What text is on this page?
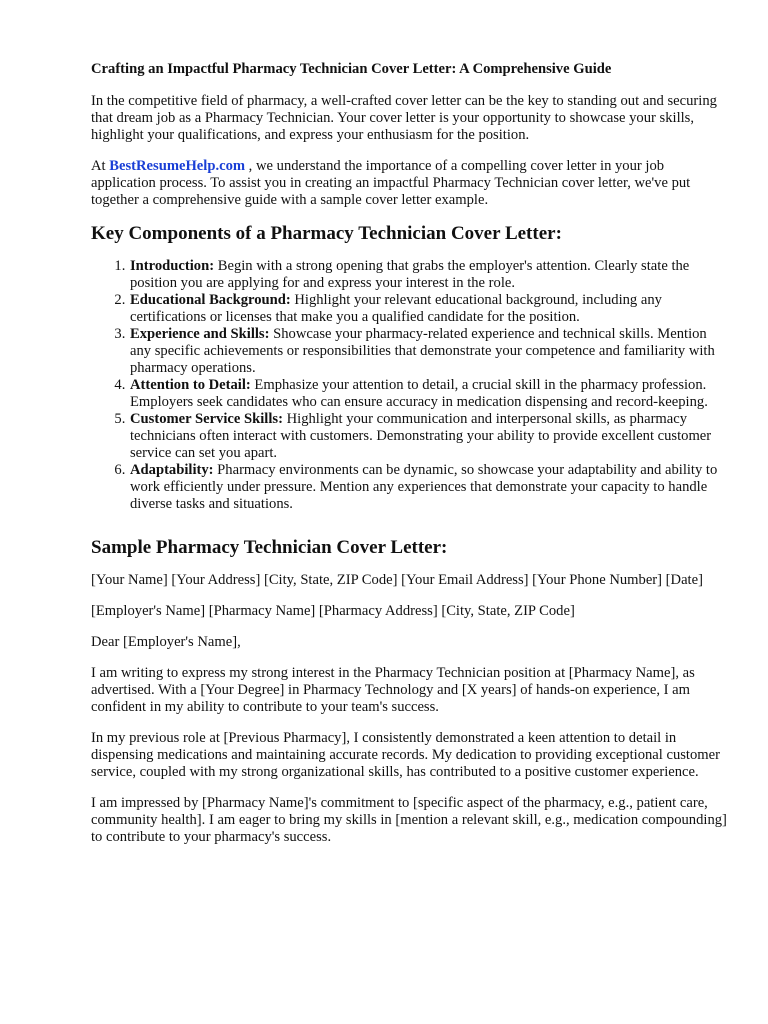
Crafting an Impactful Pharmacy Technician Cover Letter: A Comprehensive Guide

In the competitive field of pharmacy, a well-crafted cover letter can be the key to standing out and securing that dream job as a Pharmacy Technician. Your cover letter is your opportunity to showcase your skills, highlight your qualifications, and express your enthusiasm for the position.

At BestResumeHelp.com , we understand the importance of a compelling cover letter in your job application process. To assist you in creating an impactful Pharmacy Technician cover letter, we've put together a comprehensive guide with a sample cover letter example.

Key Components of a Pharmacy Technician Cover Letter:
1. Introduction: Begin with a strong opening that grabs the employer's attention. Clearly state the position you are applying for and express your interest in the role.
2. Educational Background: Highlight your relevant educational background, including any certifications or licenses that make you a qualified candidate for the position.
3. Experience and Skills: Showcase your pharmacy-related experience and technical skills. Mention any specific achievements or responsibilities that demonstrate your competence and familiarity with pharmacy operations.
4. Attention to Detail: Emphasize your attention to detail, a crucial skill in the pharmacy profession. Employers seek candidates who can ensure accuracy in medication dispensing and record-keeping.
5. Customer Service Skills: Highlight your communication and interpersonal skills, as pharmacy technicians often interact with customers. Demonstrating your ability to provide excellent customer service can set you apart.
6. Adaptability: Pharmacy environments can be dynamic, so showcase your adaptability and ability to work efficiently under pressure. Mention any experiences that demonstrate your capacity to handle diverse tasks and situations.
Sample Pharmacy Technician Cover Letter:

[Your Name] [Your Address] [City, State, ZIP Code] [Your Email Address] [Your Phone Number] [Date]

[Employer's Name] [Pharmacy Name] [Pharmacy Address] [City, State, ZIP Code]

Dear [Employer's Name],

I am writing to express my strong interest in the Pharmacy Technician position at [Pharmacy Name], as advertised. With a [Your Degree] in Pharmacy Technology and [X years] of hands-on experience, I am confident in my ability to contribute to your team's success.

In my previous role at [Previous Pharmacy], I consistently demonstrated a keen attention to detail in dispensing medications and maintaining accurate records. My dedication to providing exceptional customer service, coupled with my strong organizational skills, has contributed to a positive customer experience.

I am impressed by [Pharmacy Name]'s commitment to [specific aspect of the pharmacy, e.g., patient care, community health]. I am eager to bring my skills in [mention a relevant skill, e.g., medication compounding] to contribute to your pharmacy's success.
